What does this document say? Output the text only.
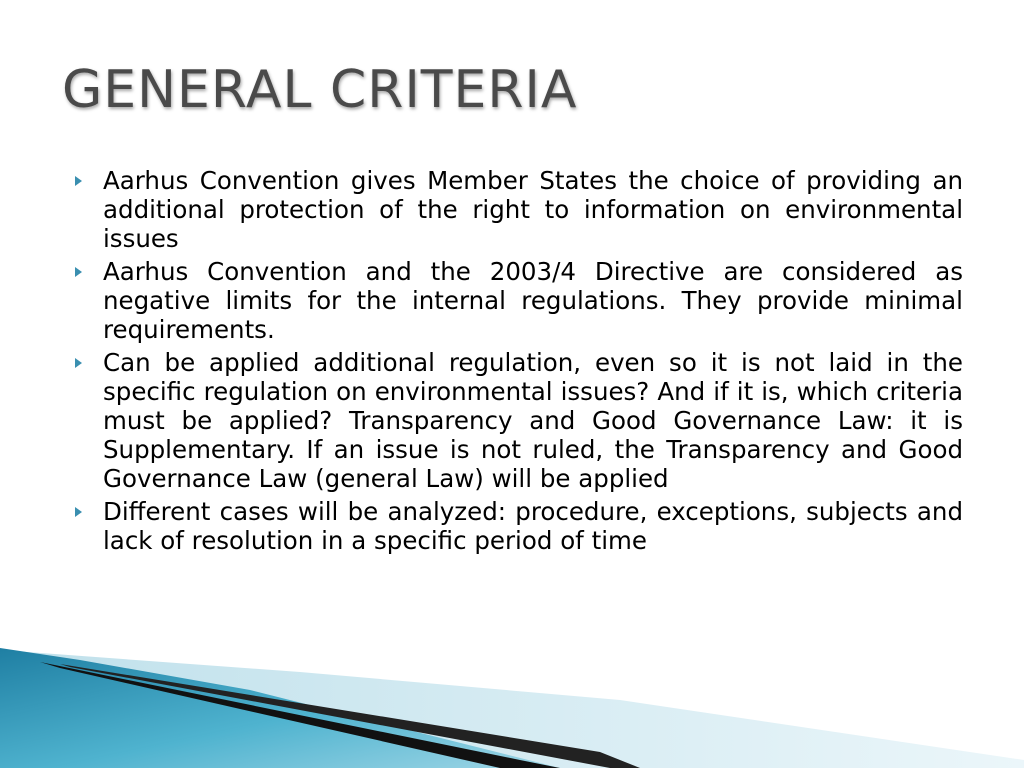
GENERAL CRITERIA
Aarhus Convention gives Member States the choice of providing an additional protection of the right to information on environmental issues
Aarhus Convention and the 2003/4 Directive are considered as negative limits for the internal regulations. They provide minimal requirements.
Can be applied additional regulation, even so it is not laid in the specific regulation on environmental issues? And if it is, which criteria must be applied? Transparency and Good Governance Law: it is Supplementary. If an issue is not ruled, the Transparency and Good Governance Law (general Law) will be applied
Different cases will be analyzed: procedure, exceptions, subjects and lack of resolution in a specific period of time
